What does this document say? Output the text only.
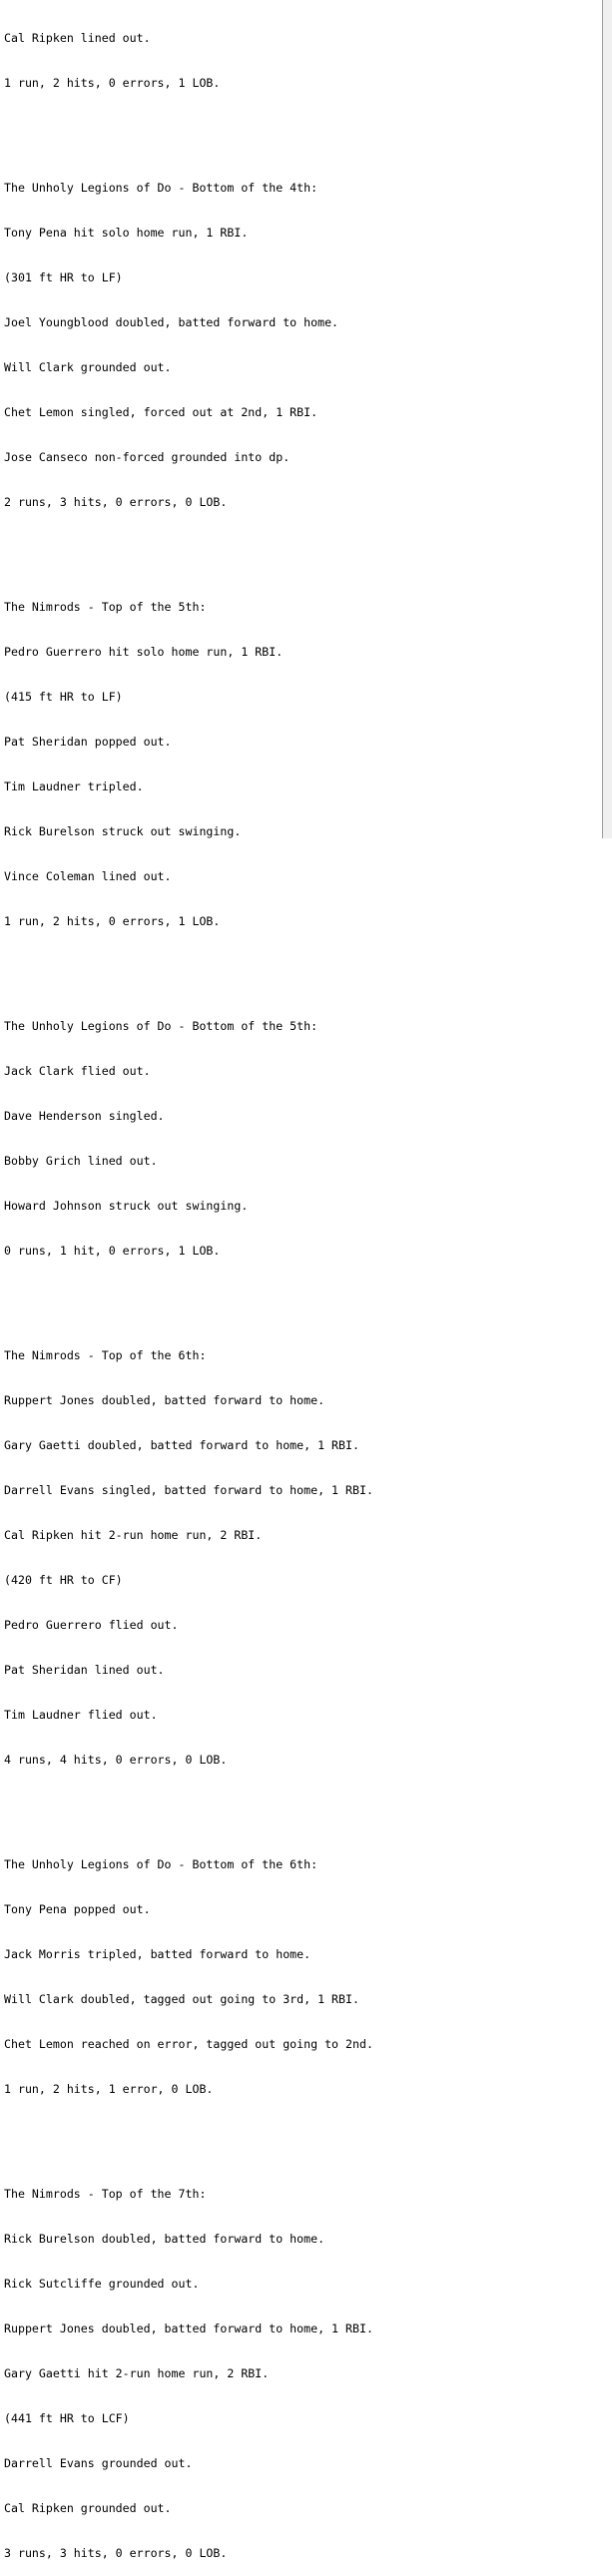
Cal Ripken lined out.

1 run, 2 hits, 0 errors, 1 LOB.

The Unholy Legions of Do - Bottom of the 4th:

Tony Pena hit solo home run, 1 RBI.

(301 ft HR to LF)

Joel Youngblood doubled, batted forward to home.

Will Clark grounded out.

Chet Lemon singled, forced out at 2nd, 1 RBI.

Jose Canseco non-forced grounded into dp.

2 runs, 3 hits, 0 errors, 0 LOB.

The Nimrods - Top of the 5th:

Pedro Guerrero hit solo home run, 1 RBI.

(415 ft HR to LF)

Pat Sheridan popped out.

Tim Laudner tripled.

Rick Burelson struck out swinging.

Vince Coleman lined out.

1 run, 2 hits, 0 errors, 1 LOB.

The Unholy Legions of Do - Bottom of the 5th:

Jack Clark flied out.

Dave Henderson singled.

Bobby Grich lined out.

Howard Johnson struck out swinging.

0 runs, 1 hit, 0 errors, 1 LOB.

The Nimrods - Top of the 6th:

Ruppert Jones doubled, batted forward to home.

Gary Gaetti doubled, batted forward to home, 1 RBI.

Darrell Evans singled, batted forward to home, 1 RBI.

Cal Ripken hit 2-run home run, 2 RBI.

(420 ft HR to CF)

Pedro Guerrero flied out.

Pat Sheridan lined out.

Tim Laudner flied out.

4 runs, 4 hits, 0 errors, 0 LOB.

The Unholy Legions of Do - Bottom of the 6th:

Tony Pena popped out.

Jack Morris tripled, batted forward to home.

Will Clark doubled, tagged out going to 3rd, 1 RBI.

Chet Lemon reached on error, tagged out going to 2nd.

1 run, 2 hits, 1 error, 0 LOB.

The Nimrods - Top of the 7th:

Rick Burelson doubled, batted forward to home.

Rick Sutcliffe grounded out.

Ruppert Jones doubled, batted forward to home, 1 RBI.

Gary Gaetti hit 2-run home run, 2 RBI.

(441 ft HR to LCF)

Darrell Evans grounded out.

Cal Ripken grounded out.

3 runs, 3 hits, 0 errors, 0 LOB.
